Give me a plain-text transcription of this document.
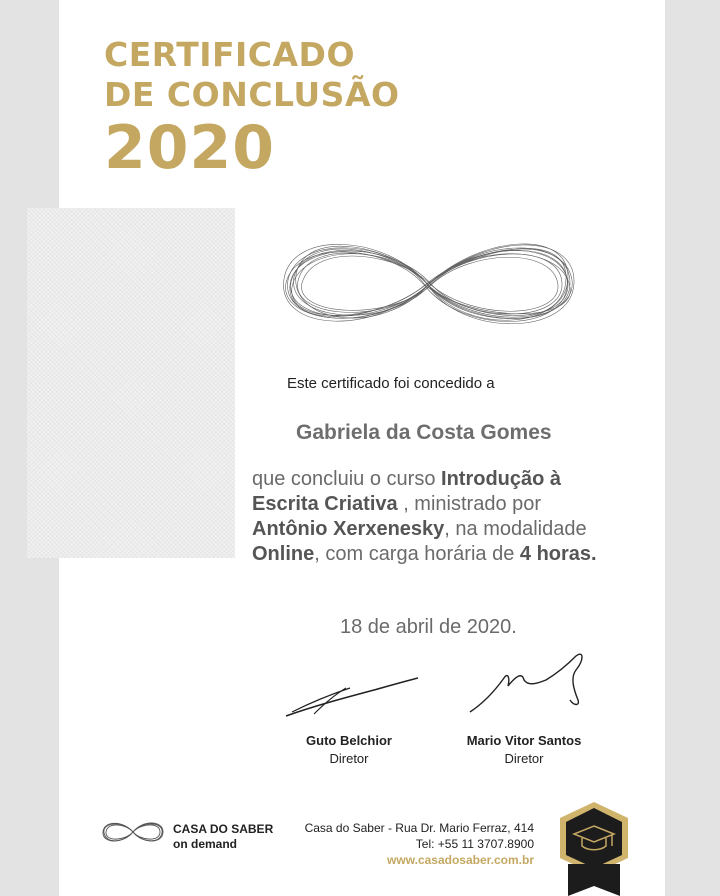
CERTIFICADO
DE CONCLUSÃO
2020
Este certificado foi concedido a
Gabriela da Costa Gomes
que concluiu o curso Introdução à Escrita Criativa , ministrado por Antônio Xerxenesky, na modalidade Online, com carga horária de 4 horas.
18 de abril de 2020.
Guto Belchior
Diretor
Mario Vitor Santos
Diretor
CASA DO SABER
on demand
Casa do Saber - Rua Dr. Mario Ferraz, 414
Tel: +55 11 3707.8900
www.casadosaber.com.br
